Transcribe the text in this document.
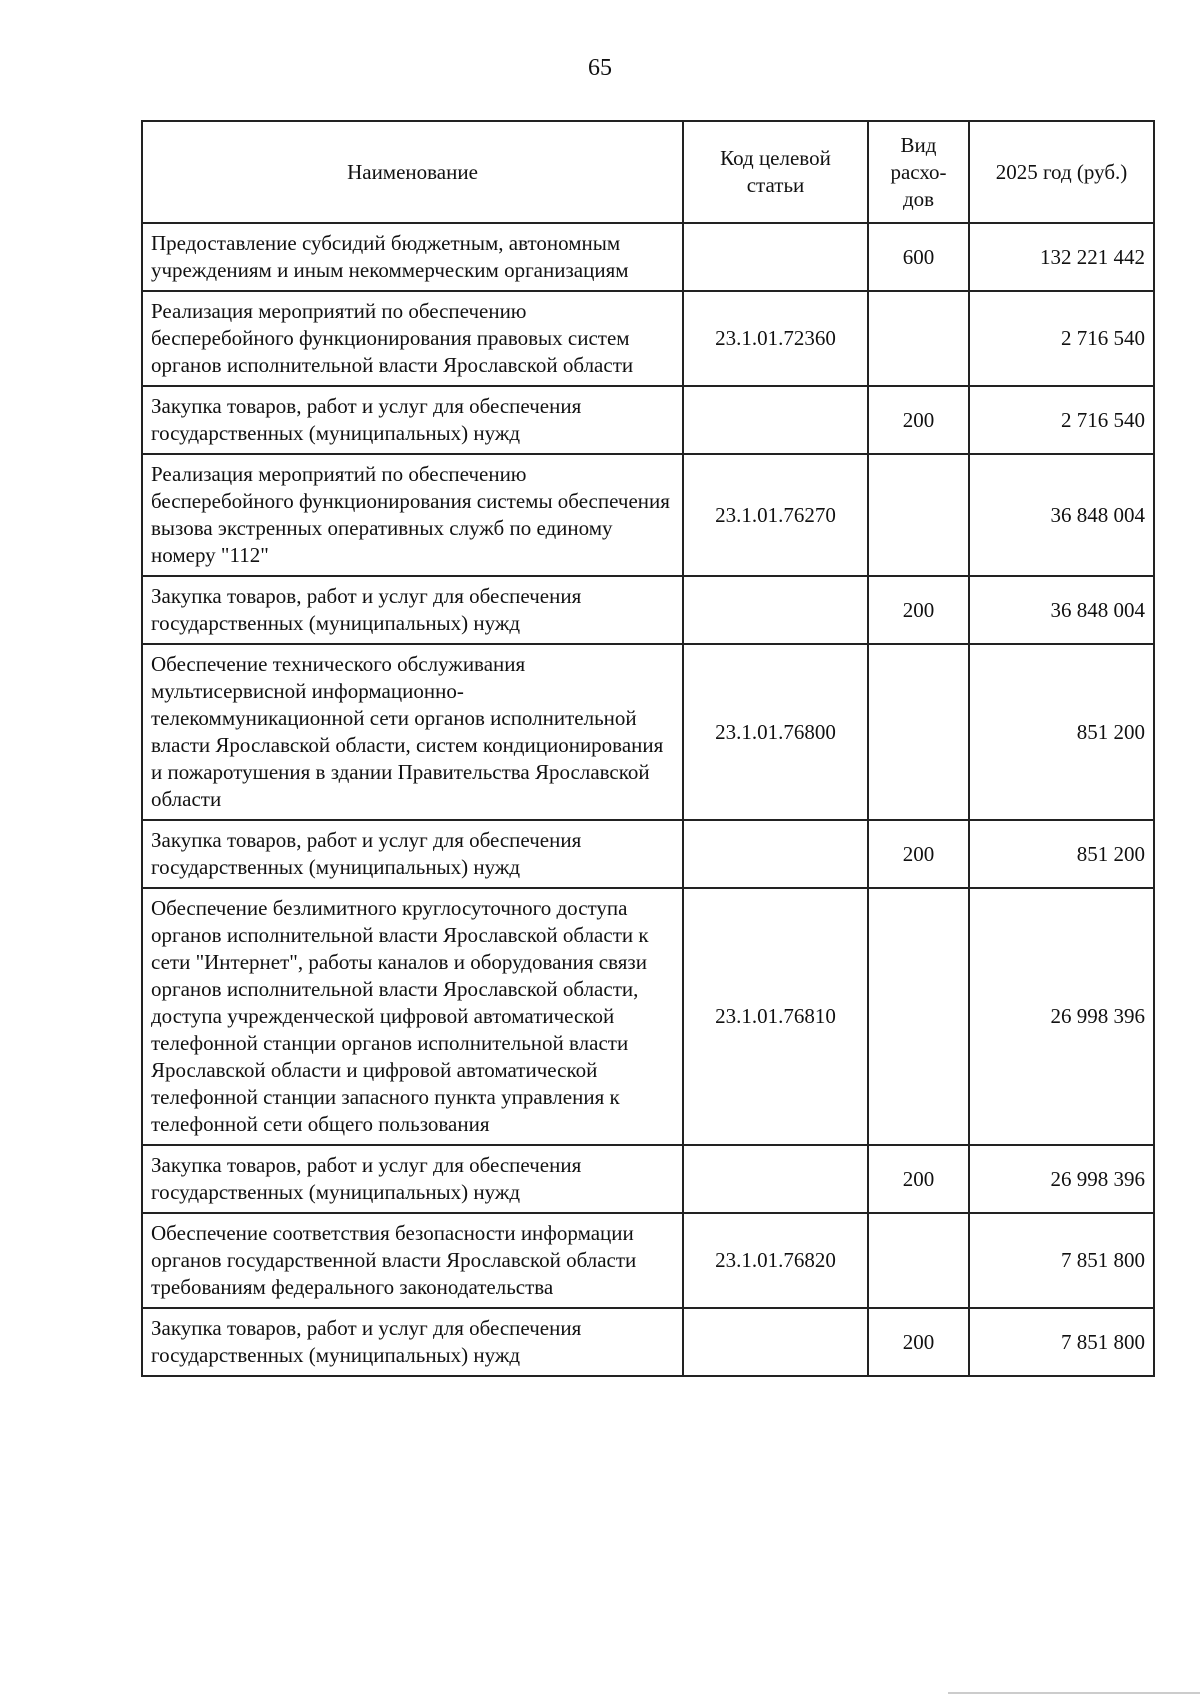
65
Наименование	Код целевой статьи	Вид расхо- дов	2025 год (руб.)
Предоставление субсидий бюджетным, автономным учреждениям и иным некоммерческим организациям		600	132 221 442
Реализация мероприятий по обеспечению бесперебойного функционирования правовых систем органов исполнительной власти Ярославской области	23.1.01.72360		2 716 540
Закупка товаров, работ и услуг для обеспечения государственных (муниципальных) нужд		200	2 716 540
Реализация мероприятий по обеспечению бесперебойного функционирования системы обеспечения вызова экстренных оперативных служб по единому номеру "112"	23.1.01.76270		36 848 004
Закупка товаров, работ и услуг для обеспечения государственных (муниципальных) нужд		200	36 848 004
Обеспечение технического обслуживания мультисервисной информационно-телекоммуникационной сети органов исполнительной власти Ярославской области, систем кондиционирования и пожаротушения в здании Правительства Ярославской области	23.1.01.76800		851 200
Закупка товаров, работ и услуг для обеспечения государственных (муниципальных) нужд		200	851 200
Обеспечение безлимитного круглосуточного доступа органов исполнительной власти Ярославской области к сети "Интернет", работы каналов и оборудования связи органов исполнительной власти Ярославской области, доступа учрежденческой цифровой автоматической телефонной станции органов исполнительной власти Ярославской области и цифровой автоматической телефонной станции запасного пункта управления к телефонной сети общего пользования	23.1.01.76810		26 998 396
Закупка товаров, работ и услуг для обеспечения государственных (муниципальных) нужд		200	26 998 396
Обеспечение соответствия безопасности информации органов государственной власти Ярославской области требованиям федерального законодательства	23.1.01.76820		7 851 800
Закупка товаров, работ и услуг для обеспечения государственных (муниципальных) нужд		200	7 851 800
